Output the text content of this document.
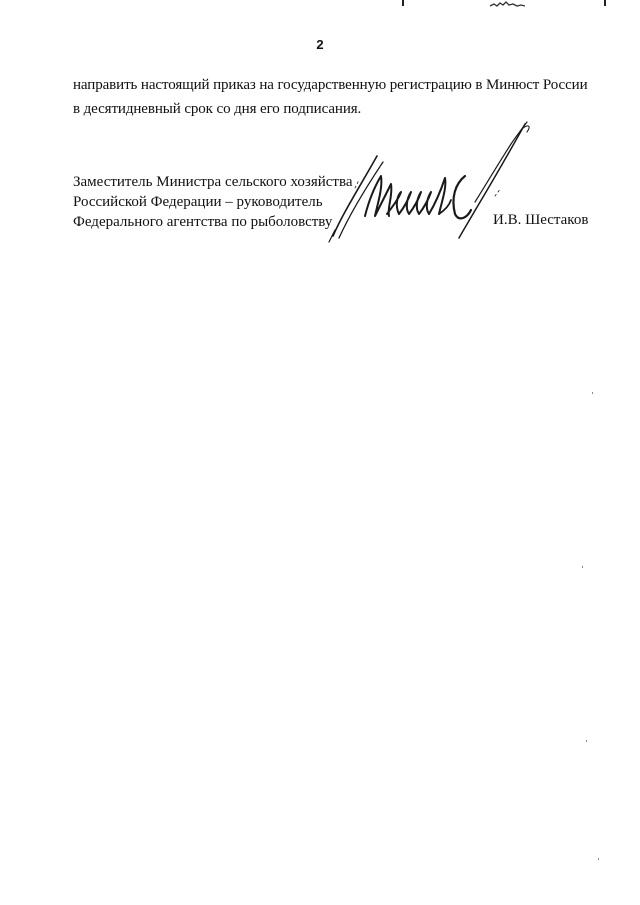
2
направить настоящий приказ на государственную регистрацию в Минюст России
в десятидневный срок со дня его подписания.
Заместитель Министра сельского хозяйства
Российской Федерации – руководитель
Федерального агентства по рыболовству	И.В. Шестаков
